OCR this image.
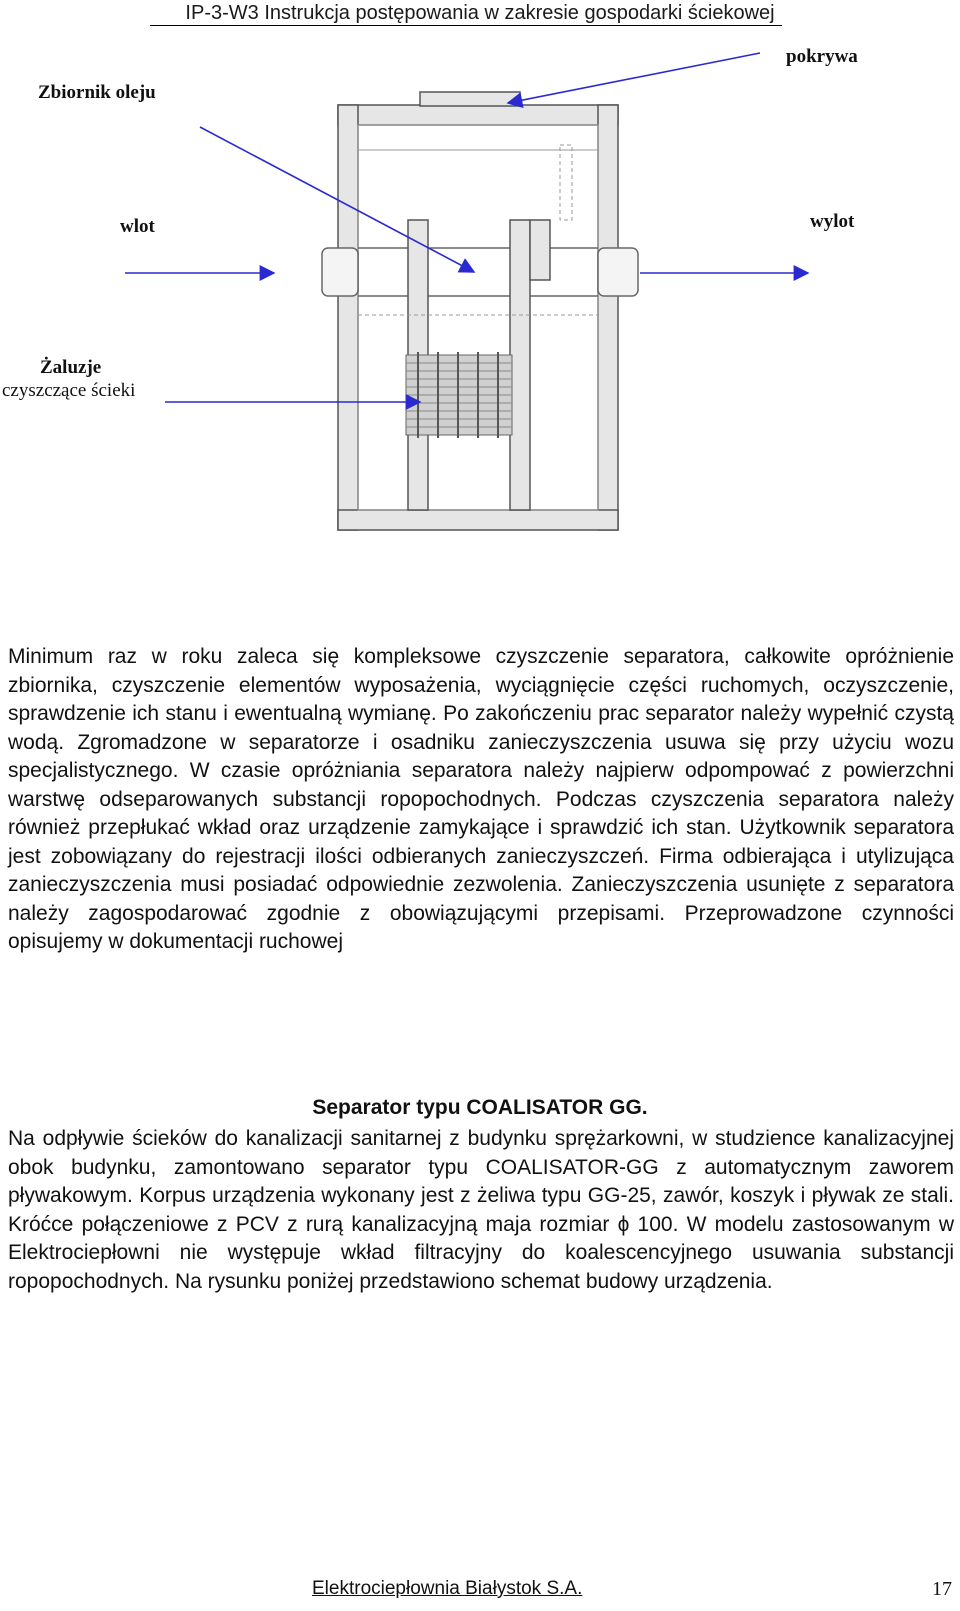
IP-3-W3 Instrukcja postępowania w zakresie gospodarki ściekowej
Zbiornik oleju
pokrywa
wlot	wylot
Żaluzje
czyszczące ścieki

Minimum raz w roku zaleca się kompleksowe czyszczenie separatora, całkowite opróżnienie zbiornika, czyszczenie elementów wyposażenia, wyciągnięcie części ruchomych, oczyszczenie, sprawdzenie ich stanu i ewentualną wymianę. Po zakończeniu prac separator należy wypełnić czystą wodą. Zgromadzone w separatorze i osadniku zanieczyszczenia usuwa się przy użyciu wozu specjalistycznego. W czasie opróżniania separatora należy najpierw odpompować z powierzchni warstwę odseparowanych substancji ropopochodnych. Podczas czyszczenia separatora należy również przepłukać wkład oraz urządzenie zamykające i sprawdzić ich stan. Użytkownik separatora jest zobowiązany do rejestracji ilości odbieranych zanieczyszczeń. Firma odbierająca i utylizująca zanieczyszczenia musi posiadać odpowiednie zezwolenia. Zanieczyszczenia usunięte z separatora należy zagospodarować zgodnie z obowiązującymi przepisami. Przeprowadzone czynności opisujemy w dokumentacji ruchowej

Separator typu COALISATOR GG.

Na odpływie ścieków do kanalizacji sanitarnej z budynku sprężarkowni, w studzience kanalizacyjnej obok budynku, zamontowano separator typu COALISATOR-GG z automatycznym zaworem pływakowym. Korpus urządzenia wykonany jest z żeliwa typu GG-25, zawór, koszyk i pływak ze stali. Króćce połączeniowe z PCV z rurą kanalizacyjną maja rozmiar ϕ 100. W modelu zastosowanym w Elektrociepłowni nie występuje wkład filtracyjny do koalescencyjnego usuwania substancji ropopochodnych. Na rysunku poniżej przedstawiono schemat budowy urządzenia.

Elektrociepłownia Białystok S.A.	17
